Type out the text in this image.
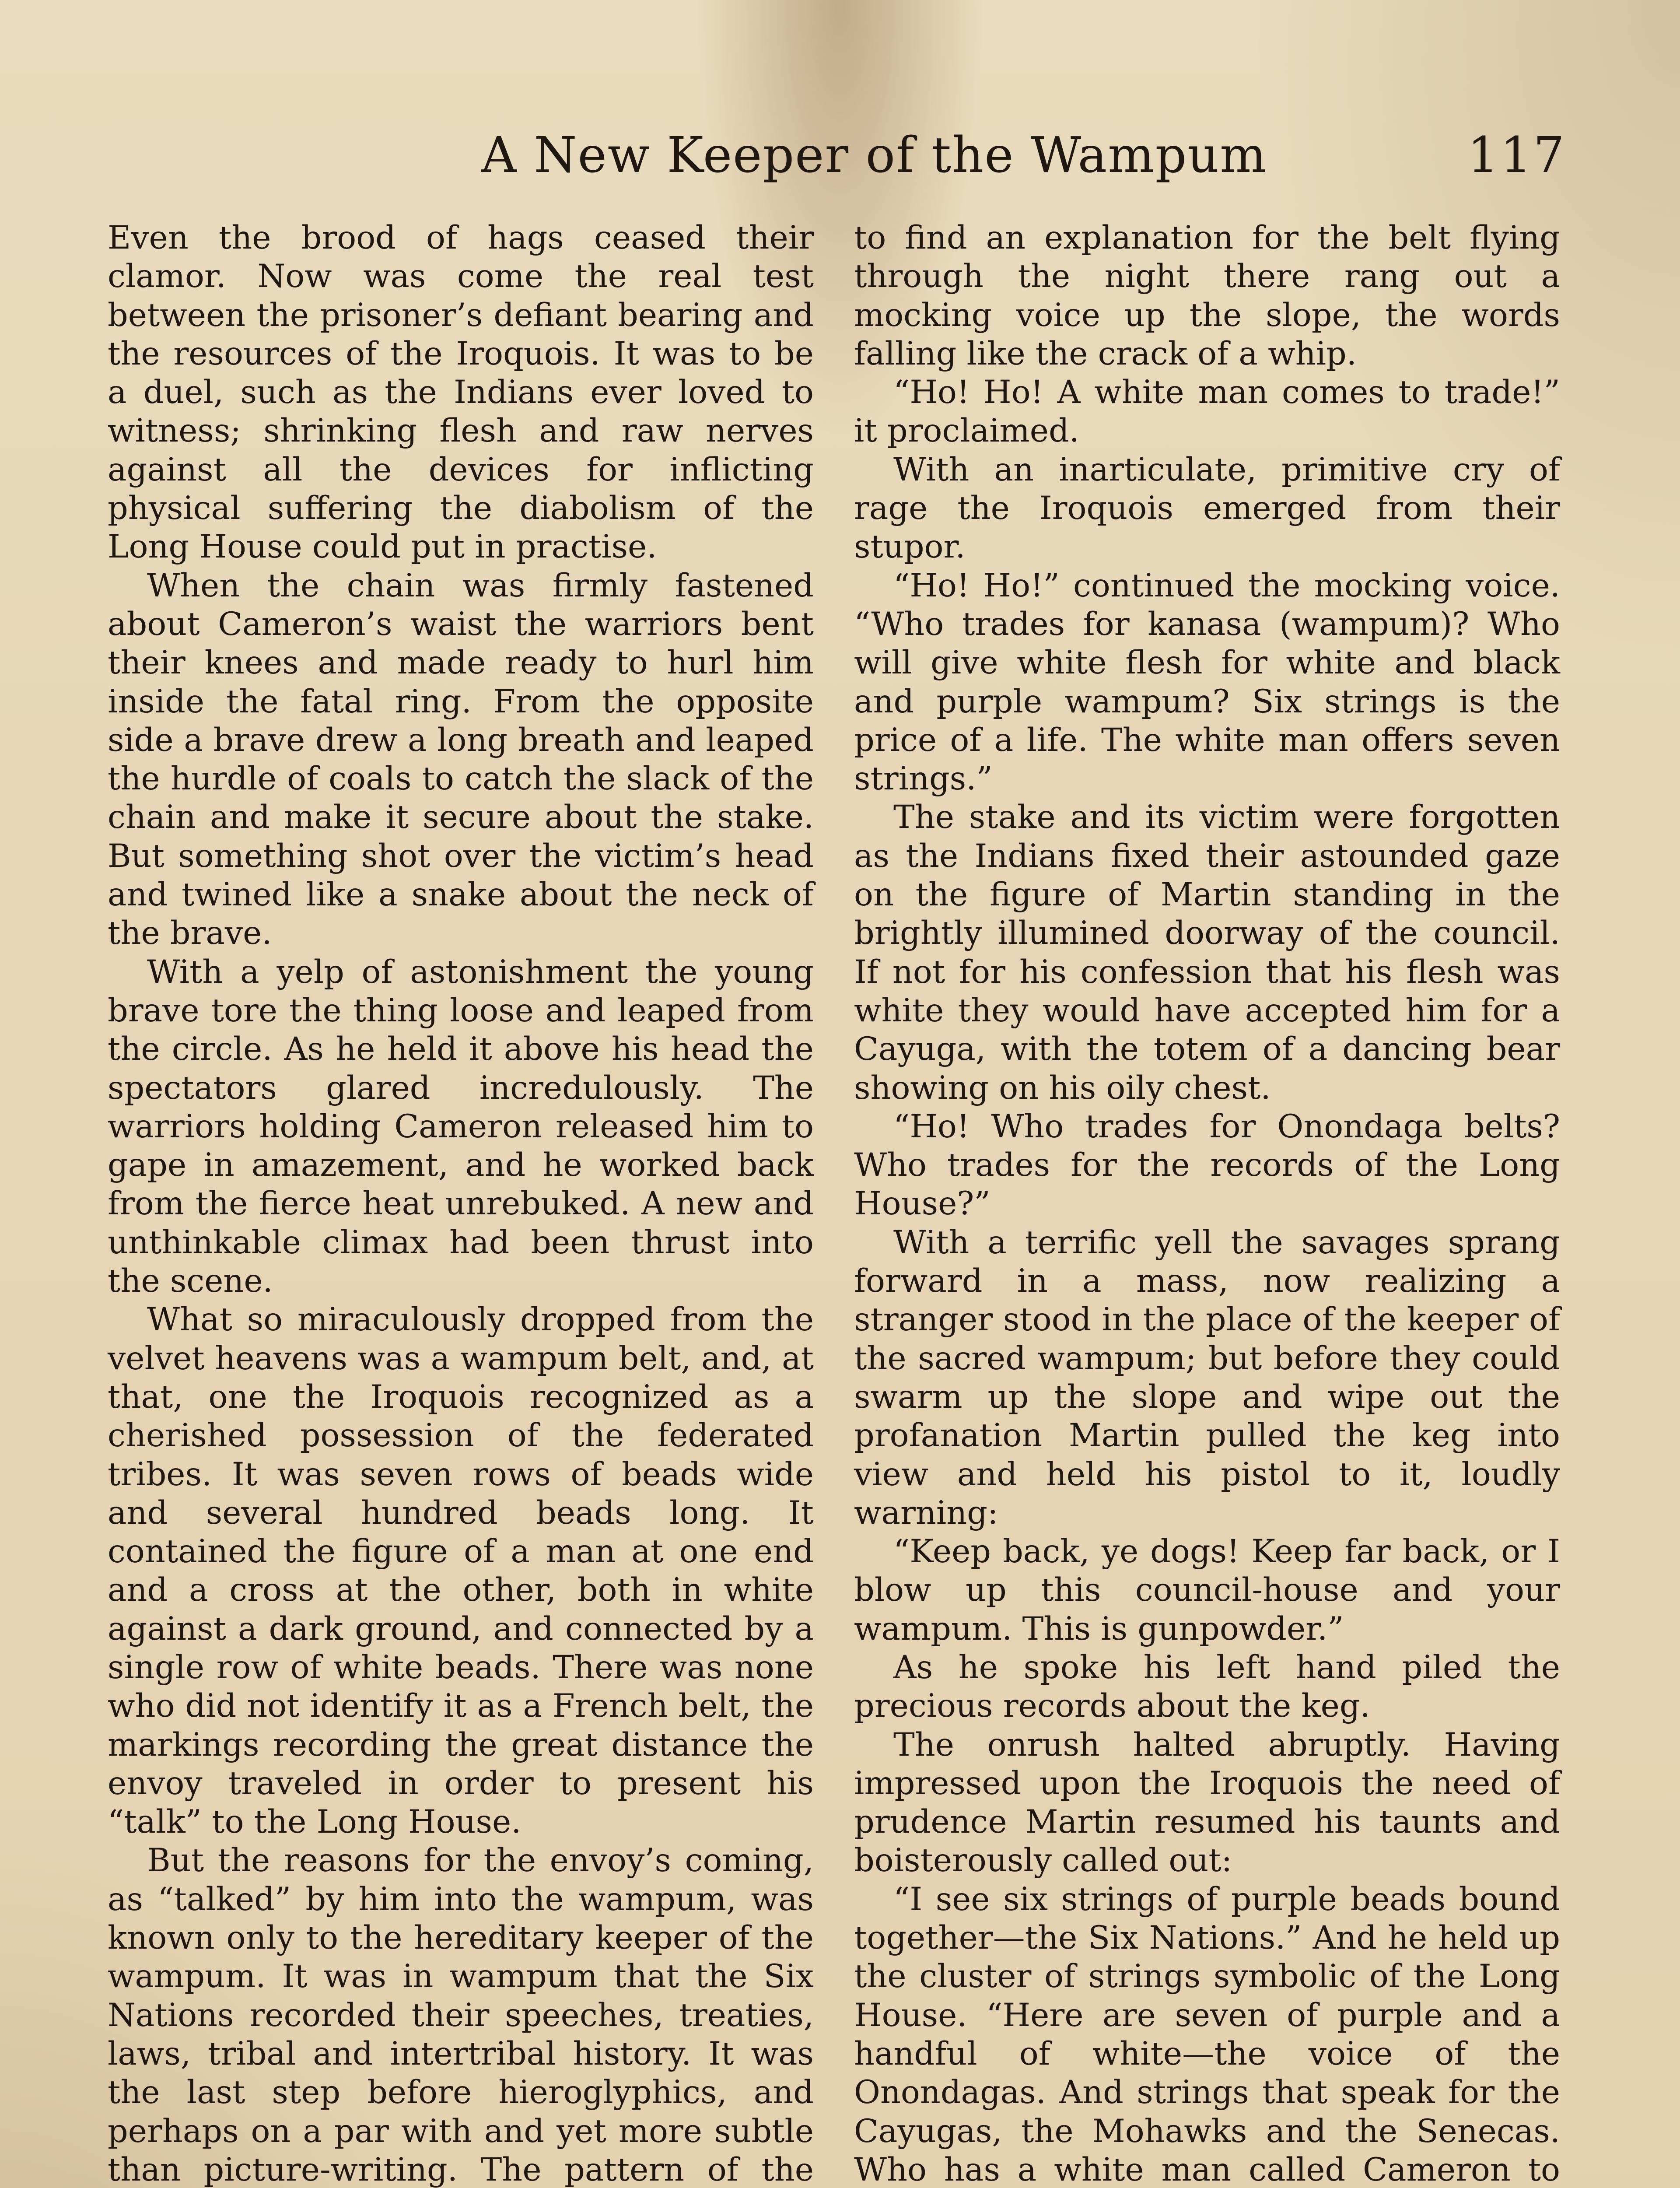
A New Keeper of the Wampum	117

Even the brood of hags ceased their clamor. Now was come the real test between the prisoner’s defiant bearing and the resources of the Iroquois. It was to be a duel, such as the Indians ever loved to witness; shrinking flesh and raw nerves against all the devices for inflicting physical suffering the diabolism of the Long House could put in practise.

When the chain was firmly fastened about Cameron’s waist the warriors bent their knees and made ready to hurl him inside the fatal ring. From the opposite side a brave drew a long breath and leaped the hurdle of coals to catch the slack of the chain and make it secure about the stake. But something shot over the victim’s head and twined like a snake about the neck of the brave.

With a yelp of astonishment the young brave tore the thing loose and leaped from the circle. As he held it above his head the spectators glared incredulously. The warriors holding Cameron released him to gape in amazement, and he worked back from the fierce heat unrebuked. A new and unthinkable climax had been thrust into the scene.

What so miraculously dropped from the velvet heavens was a wampum belt, and, at that, one the Iroquois recognized as a cherished possession of the federated tribes. It was seven rows of beads wide and several hundred beads long. It contained the figure of a man at one end and a cross at the other, both in white against a dark ground, and connected by a single row of white beads. There was none who did not identify it as a French belt, the markings recording the great distance the envoy traveled in order to present his “talk” to the Long House.

But the reasons for the envoy’s coming, as “talked” by him into the wampum, was known only to the hereditary keeper of the wampum. It was in wampum that the Six Nations recorded their speeches, treaties, laws, tribal and intertribal history. It was the last step before hieroglyphics, and perhaps on a par with and yet more subtle than picture-writing. The pattern of the

to find an explanation for the belt flying through the night there rang out a mocking voice up the slope, the words falling like the crack of a whip.

“Ho! Ho! A white man comes to trade!” it proclaimed.

With an inarticulate, primitive cry of rage the Iroquois emerged from their stupor.

“Ho! Ho!” continued the mocking voice. “Who trades for kanasa (wampum)? Who will give white flesh for white and black and purple wampum? Six strings is the price of a life. The white man offers seven strings.”

The stake and its victim were forgotten as the Indians fixed their astounded gaze on the figure of Martin standing in the brightly illumined doorway of the council. If not for his confession that his flesh was white they would have accepted him for a Cayuga, with the totem of a dancing bear showing on his oily chest.

“Ho! Who trades for Onondaga belts? Who trades for the records of the Long House?”

With a terrific yell the savages sprang forward in a mass, now realizing a stranger stood in the place of the keeper of the sacred wampum; but before they could swarm up the slope and wipe out the profanation Martin pulled the keg into view and held his pistol to it, loudly warning:

“Keep back, ye dogs! Keep far back, or I blow up this council-house and your wampum. This is gunpowder.”

As he spoke his left hand piled the precious records about the keg.

The onrush halted abruptly. Having impressed upon the Iroquois the need of prudence Martin resumed his taunts and boisterously called out:

“I see six strings of purple beads bound together—the Six Nations.” And he held up the cluster of strings symbolic of the Long House. “Here are seven of purple and a handful of white—the voice of the Onondagas. And strings that speak for the Cayugas, the Mohawks and the Senecas. Who has a white man called Cameron to
